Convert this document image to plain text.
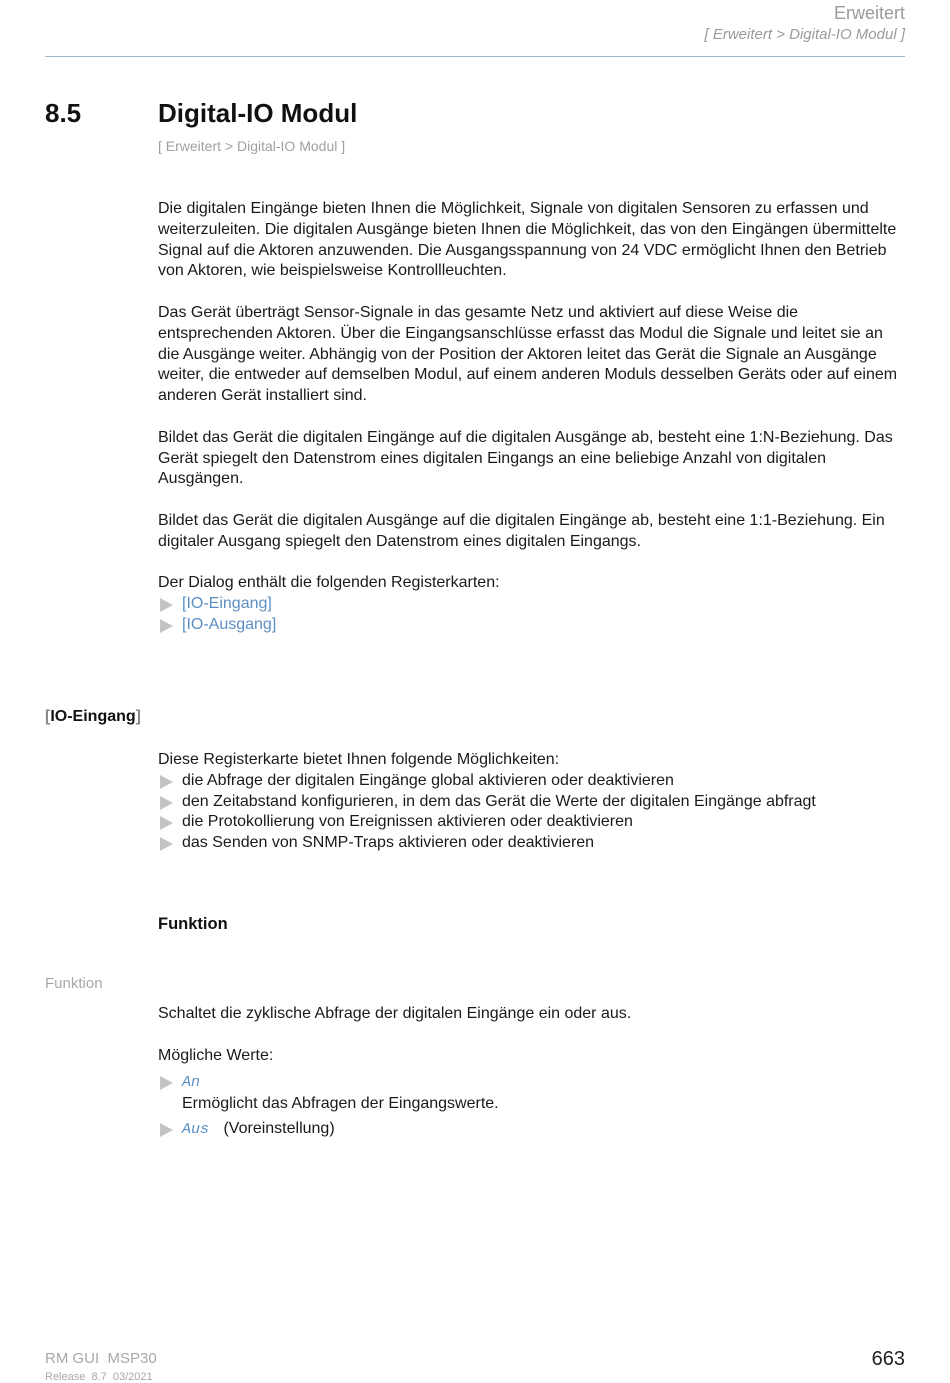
Erweitert
[ Erweitert > Digital-IO Modul ]
8.5	Digital-IO Modul
[ Erweitert > Digital-IO Modul ]

Die digitalen Eingänge bieten Ihnen die Möglichkeit, Signale von digitalen Sensoren zu erfassen und weiterzuleiten. Die digitalen Ausgänge bieten Ihnen die Möglichkeit, das von den Eingängen übermittelte Signal auf die Aktoren anzuwenden. Die Ausgangsspannung von 24 VDC ermöglicht Ihnen den Betrieb von Aktoren, wie beispielsweise Kontrollleuchten.

Das Gerät überträgt Sensor-Signale in das gesamte Netz und aktiviert auf diese Weise die entsprechenden Aktoren. Über die Eingangsanschlüsse erfasst das Modul die Signale und leitet sie an die Ausgänge weiter. Abhängig von der Position der Aktoren leitet das Gerät die Signale an Ausgänge weiter, die entweder auf demselben Modul, auf einem anderen Moduls desselben Geräts oder auf einem anderen Gerät installiert sind.

Bildet das Gerät die digitalen Eingänge auf die digitalen Ausgänge ab, besteht eine 1:N-Beziehung. Das Gerät spiegelt den Datenstrom eines digitalen Eingangs an eine beliebige Anzahl von digitalen Ausgängen.

Bildet das Gerät die digitalen Ausgänge auf die digitalen Eingänge ab, besteht eine 1:1-Beziehung. Ein digitaler Ausgang spiegelt den Datenstrom eines digitalen Eingangs.

Der Dialog enthält die folgenden Registerkarten:
[IO-Eingang]
[IO-Ausgang]
[IO-Eingang]
Diese Registerkarte bietet Ihnen folgende Möglichkeiten:
die Abfrage der digitalen Eingänge global aktivieren oder deaktivieren
den Zeitabstand konfigurieren, in dem das Gerät die Werte der digitalen Eingänge abfragt
die Protokollierung von Ereignissen aktivieren oder deaktivieren
das Senden von SNMP-Traps aktivieren oder deaktivieren
Funktion
Funktion

Schaltet die zyklische Abfrage der digitalen Eingänge ein oder aus.

Mögliche Werte:
An
Ermöglicht das Abfragen der Eingangswerte.
Aus (Voreinstellung)
RM GUI  MSP30
Release  8.7  03/2021
663
